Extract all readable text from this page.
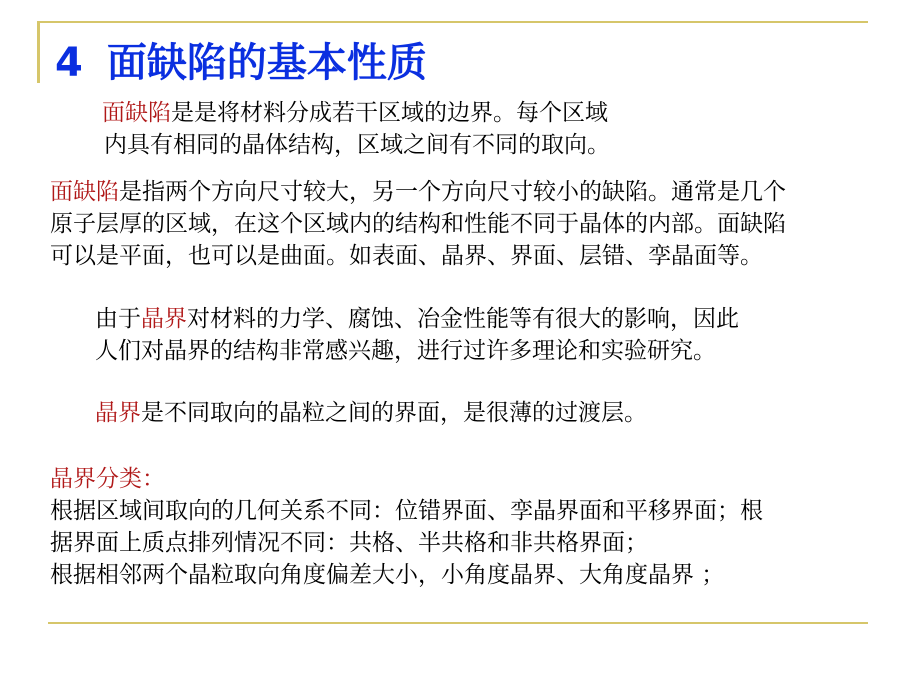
4 面缺陷的基本性质
面缺陷是是将材料分成若干区域的边界。每个区域
内具有相同的晶体结构，区域之间有不同的取向。
面缺陷是指两个方向尺寸较大，另一个方向尺寸较小的缺陷。通常是几个
原子层厚的区域，在这个区域内的结构和性能不同于晶体的内部。面缺陷
可以是平面，也可以是曲面。如表面、晶界、界面、层错、孪晶面等。
由于晶界对材料的力学、腐蚀、冶金性能等有很大的影响，因此
人们对晶界的结构非常感兴趣，进行过许多理论和实验研究。
晶界是不同取向的晶粒之间的界面，是很薄的过渡层。
晶界分类：
根据区域间取向的几何关系不同：位错界面、孪晶界面和平移界面；根
据界面上质点排列情况不同：共格、半共格和非共格界面；
根据相邻两个晶粒取向角度偏差大小，小角度晶界、大角度晶界 ；
